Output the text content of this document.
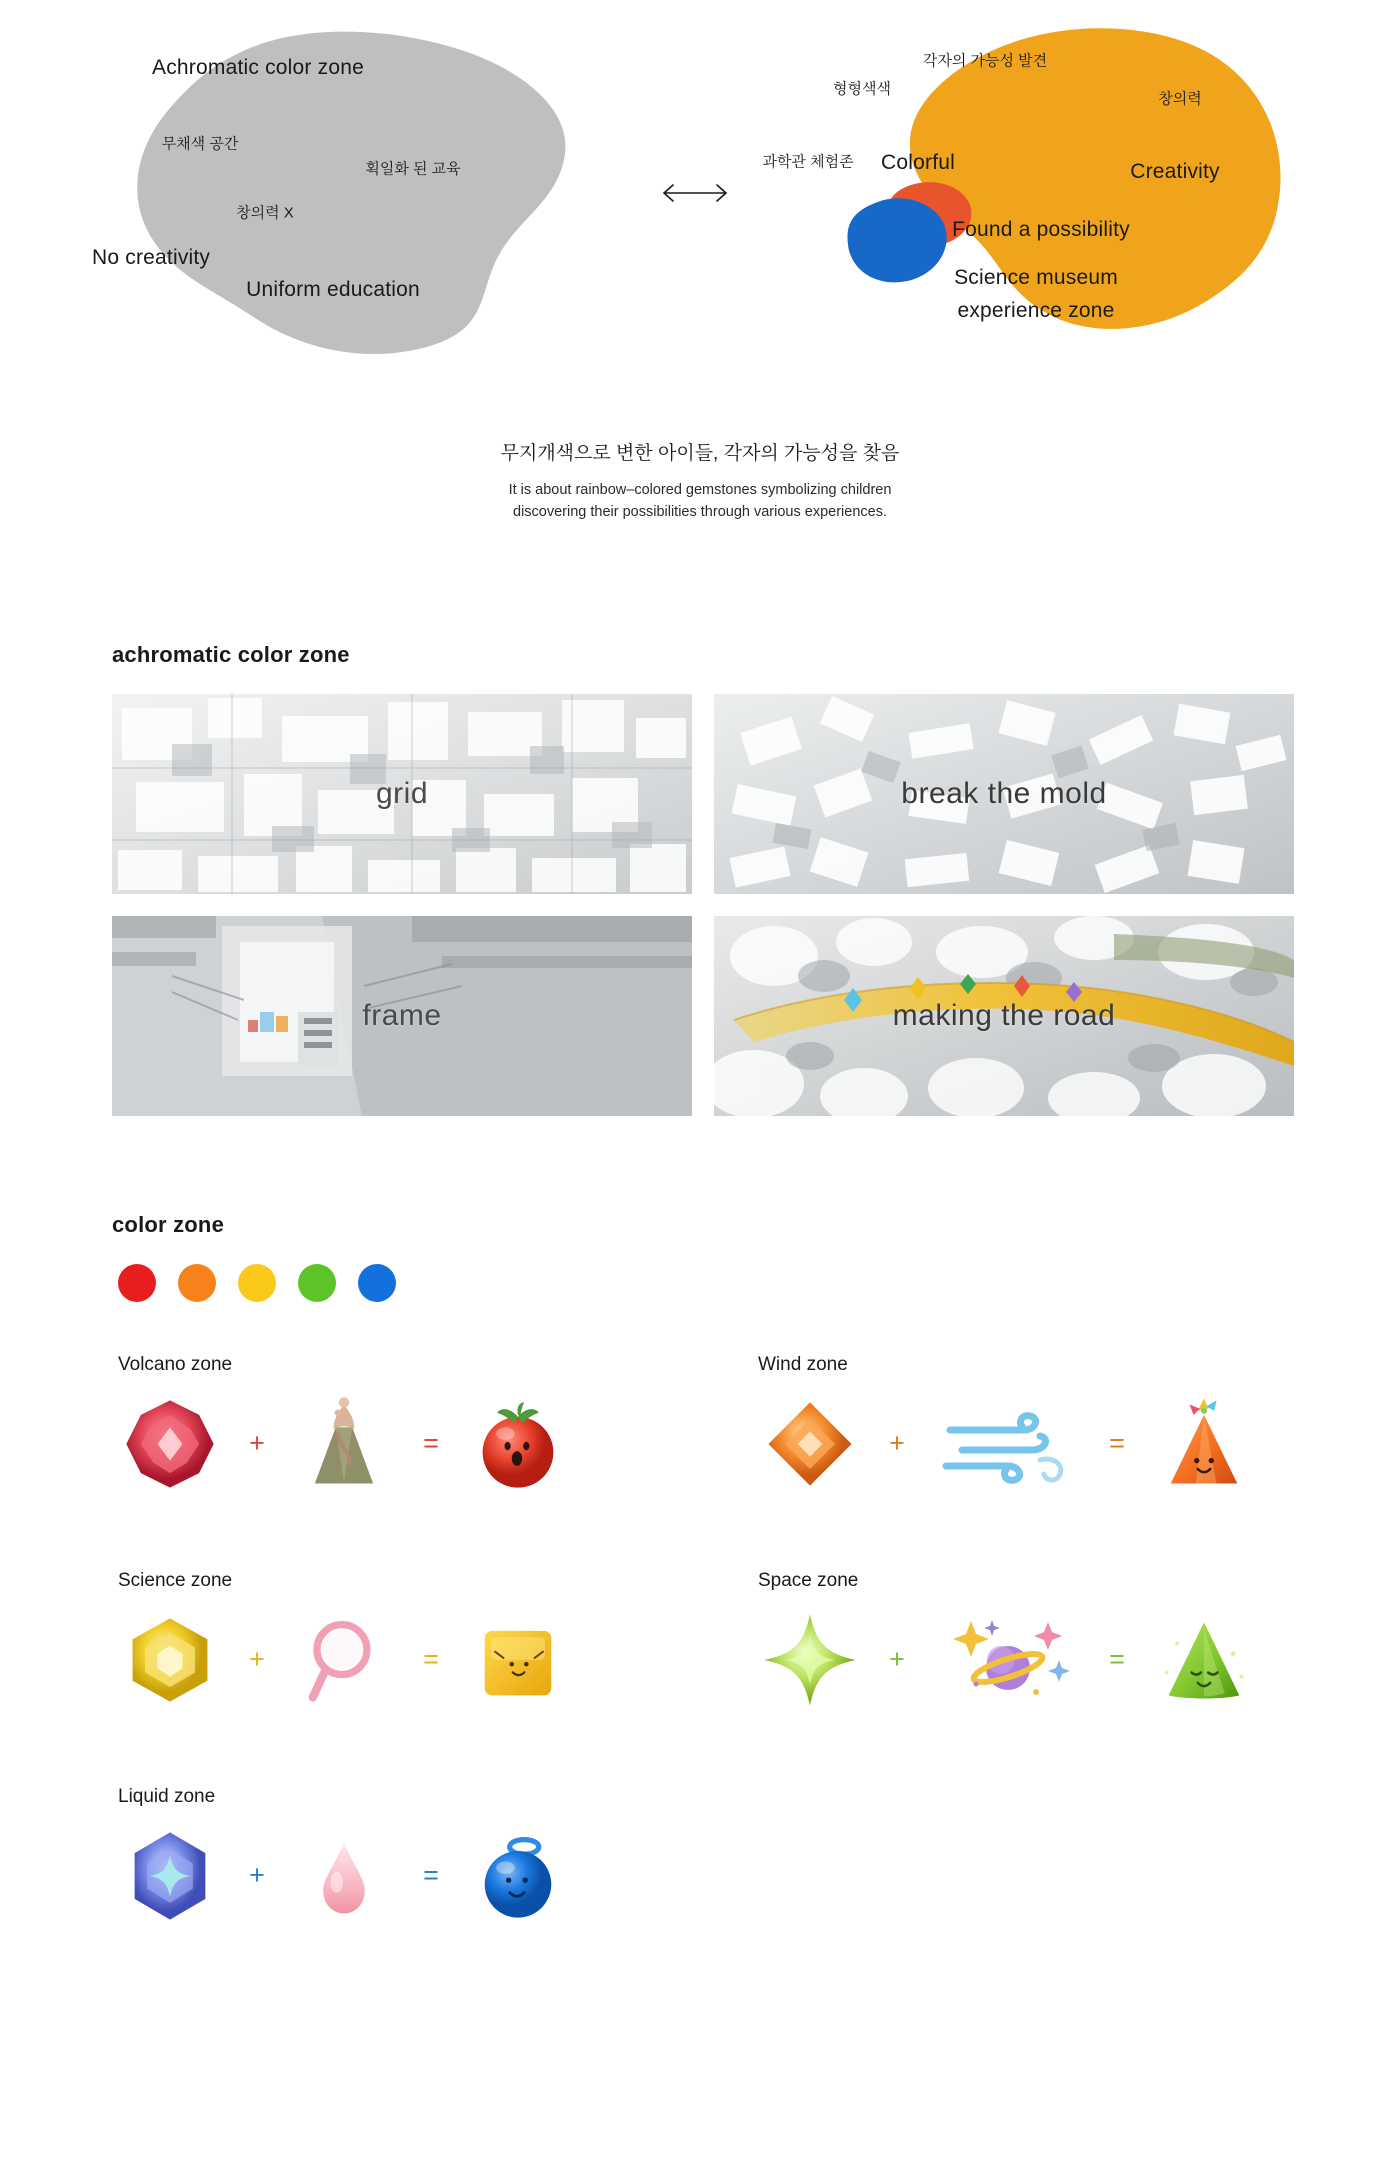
Achromatic color zone
무채색 공간
획일화 된 교육
창의력 X
No creativity
Uniform education
각자의 가능성 발견
형형색색
창의력
Colorful	Creativity
과학관 체험존
Found a possibility
Science museum
experience zone
무지개색으로 변한 아이들, 각자의 가능성을 찾음
It is about rainbow–colored gemstones symbolizing children
discovering their possibilities through various experiences.
achromatic color zone
grid	break the mold
frame	making the road
color zone
Volcano zone
+	=
Wind zone
+	=
Science zone
+	=
Space zone
+	=
Liquid zone
+	=
